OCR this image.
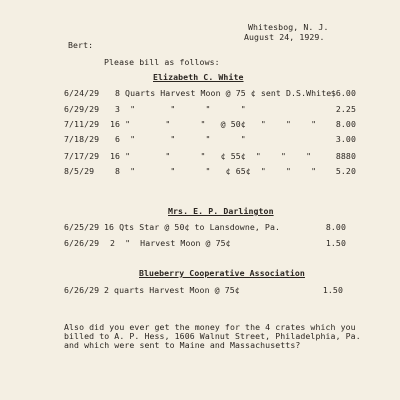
Whitesbog, N. J.
August 24, 1929.
Bert:
Please bill as follows:
Elizabeth C. White
6/24/29 8 Quarts Harvest Moon @ 75 ¢ sent D.S.White $6.00
6/29/29 3  "       "      "      "	2.25
7/11/29 16 "       "      "   @ 50¢   "    "    "	8.00
7/18/29 6  "       "      "      "	3.00
7/17/29 16 "       "      "   ¢ 55¢  "    "    "	8880
8/5/29	8  "       "      "   ¢ 65¢  "    "    "	5.20
Mrs. E. P. Darlington
6/25/29 16 Qts Star @ 50¢ to Lansdowne, Pa.	8.00
6/26/29 2  "  Harvest Moon @ 75¢	1.50
Blueberry Cooperative Association
6/26/29 2 quarts Harvest Moon @ 75¢	1.50
Also did you ever get the money for the 4 crates which you
billed to A. P. Hess, 1606 Walnut Street, Philadelphia, Pa.
and which were sent to Maine and Massachusetts?
